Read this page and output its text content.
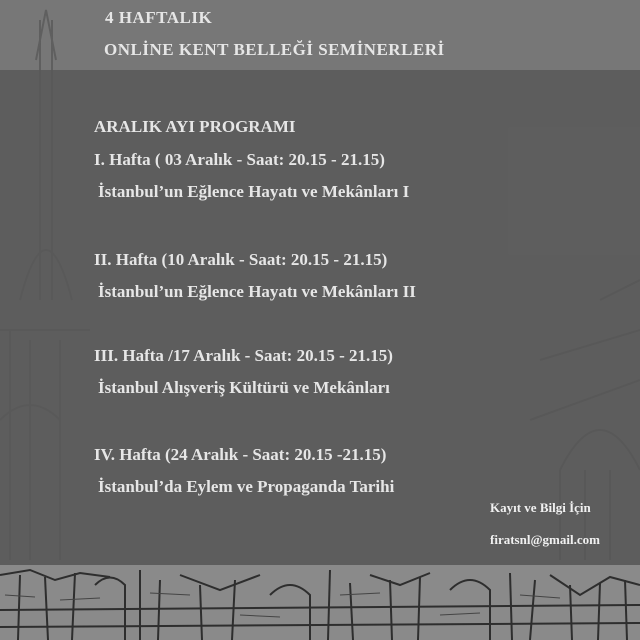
4 HAFTALIK
ONLİNE KENT BELLEĞİ SEMİNERLERİ
ARALIK AYI PROGRAMI
I. Hafta ( 03 Aralık - Saat: 20.15 - 21.15)
İstanbul’un Eğlence Hayatı ve Mekȃnları I
II. Hafta (10 Aralık - Saat: 20.15 - 21.15)
İstanbul’un Eğlence Hayatı ve Mekȃnları II
III. Hafta /17 Aralık - Saat: 20.15 - 21.15)
İstanbul Alışveriş Kültürü ve Mekȃnları
IV. Hafta (24 Aralık - Saat: 20.15 -21.15)
İstanbul’da Eylem ve Propaganda Tarihi
Kayıt ve Bilgi İçin
firatsnl@gmail.com
